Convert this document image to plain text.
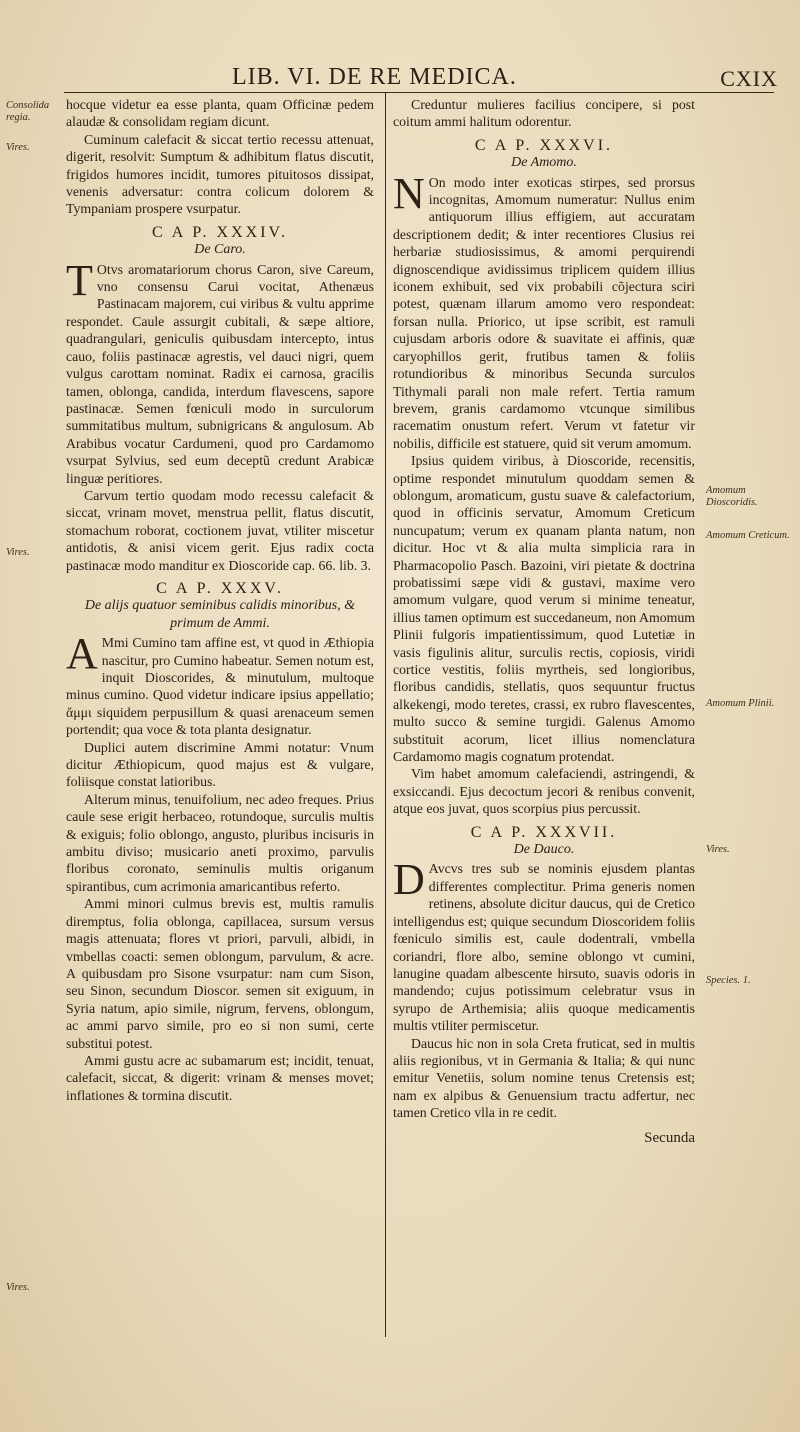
LIB. VI. DE RE MEDICA.	CXIX
Consolida regia.
Vires.
Vires.
Vires.
Amomum Dioscoridis.
Amomum Creticum.
Amomum Plinii.
Vires.
Species. 1.

hocque videtur ea esse planta, quam Officinæ pedem alaudæ & consolidam regiam dicunt.

Cuminum calefacit & siccat tertio recessu attenuat, digerit, resolvit: Sumptum & adhibitum flatus discutit, frigidos humores incidit, tumores pituitosos dissipat, venenis adversatur: contra colicum dolorem & Tympaniam prospere vsurpatur.

C A P. XXXIV.
De Caro.

T Otvs aromatariorum chorus Caron, sive Careum, vno consensu Carui vocitat, Athenæus Pastinacam majorem, cui viribus & vultu apprime respondet. Caule assurgit cubitali, & sæpe altiore, quadrangulari, geniculis quibusdam intercepto, intus cauo, foliis pastinacæ agrestis, vel dauci nigri, quem vulgus carottam nominat. Radix ei carnosa, gracilis tamen, oblonga, candida, interdum flavescens, sapore pastinacæ. Semen fœniculi modo in surculorum summitatibus multum, subnigricans & angulosum. Ab Arabibus vocatur Cardumeni, quod pro Cardamomo vsurpat Sylvius, sed eum deceptũ credunt Arabicæ linguæ peritiores.

Carvum tertio quodam modo recessu calefacit & siccat, vrinam movet, menstrua pellit, flatus discutit, stomachum roborat, coctionem juvat, vtiliter miscetur antidotis, & anisi vicem gerit. Ejus radix cocta pastinacæ modo manditur ex Dioscoride cap. 66. lib. 3.

C A P. XXXV.
De alijs quatuor seminibus calidis minoribus, & primum de Ammi.

A Mmi Cumino tam affine est, vt quod in Æthiopia nascitur, pro Cumino habeatur. Semen notum est, inquit Dioscorides, & minutulum, multoque minus cumino. Quod videtur indicare ipsius appellatio; ἄμμι siquidem perpusillum & quasi arenaceum semen portendit; qua voce & tota planta designatur.

Duplici autem discrimine Ammi notatur: Vnum dicitur Æthiopicum, quod majus est & vulgare, foliisque constat latioribus.

Alterum minus, tenuifolium, nec adeo freques. Prius caule sese erigit herbaceo, rotundoque, surculis multis & exiguis; folio oblongo, angusto, pluribus incisuris in ambitu diviso; musicario aneti proximo, parvulis floribus coronato, seminulis multis origanum spirantibus, cum acrimonia amaricantibus referto.

Ammi minori culmus brevis est, multis ramulis diremptus, folia oblonga, capillacea, sursum versus magis attenuata; flores vt priori, parvuli, albidi, in vmbellas coacti: semen oblongum, parvulum, & acre. A quibusdam pro Sisone vsurpatur: nam cum Sison, seu Sinon, secundum Dioscor. semen sit exiguum, in Syria natum, apio simile, nigrum, fervens, oblongum, ac ammi parvo simile, pro eo si non sumi, certe substitui potest.

Ammi gustu acre ac subamarum est; incidit, tenuat, calefacit, siccat, & digerit: vrinam & menses movet; inflationes & tormina discutit.

Creduntur mulieres facilius concipere, si post coitum ammi halitum odorentur.

C A P. XXXVI.
De Amomo.

N On modo inter exoticas stirpes, sed prorsus incognitas, Amomum numeratur: Nullus enim antiquorum illius effigiem, aut accuratam descriptionem dedit; & inter recentiores Clusius rei herbariæ studiosissimus, & amomi perquirendi dignoscendique avidissimus triplicem quidem illius iconem exhibuit, sed vix probabili cõjectura sciri potest, quænam illarum amomo vero respondeat: forsan nulla. Priorico, ut ipse scribit, est ramuli cujusdam arboris odore & suavitate ei affinis, quæ caryophillos gerit, frutibus tamen & foliis rotundioribus & minoribus Secunda surculos Tithymali parali non male refert. Tertia ramum brevem, granis cardamomo vtcunque similibus racematim onustum refert. Verum vt fatetur vir nobilis, difficile est statuere, quid sit verum amomum.

Ipsius quidem viribus, à Dioscoride, recensitis, optime respondet minutulum quoddam semen & oblongum, aromaticum, gustu suave & calefactorium, quod in officinis servatur, Amomum Creticum nuncupatum; verum ex quanam planta natum, non dicitur. Hoc vt & alia multa simplicia rara in Pharmacopolio Pasch. Bazoini, viri pietate & doctrina probatissimi sæpe vidi & gustavi, maxime vero amomum vulgare, quod verum si minime teneatur, illius tamen optimum est succedaneum, non Amomum Plinii fulgoris impatientissimum, quod Lutetiæ in vasis figulinis alitur, surculis rectis, copiosis, viridi cortice vestitis, foliis myrtheis, sed longioribus, floribus candidis, stellatis, quos sequuntur fructus alkekengi, modo teretes, crassi, ex rubro flavescentes, multo succo & semine turgidi. Galenus Amomo substituit acorum, licet illius nomenclatura Cardamomo magis cognatum protendat.

Vim habet amomum calefaciendi, astringendi, & exsiccandi. Ejus decoctum jecori & renibus convenit, atque eos juvat, quos scorpius pius percussit.

C A P. XXXVII.
De Dauco.

D Avcvs tres sub se nominis ejusdem plantas differentes complectitur. Prima generis nomen retinens, absolute dicitur daucus, qui de Cretico intelligendus est; quique secundum Dioscoridem foliis fœniculo similis est, caule dodentrali, vmbella coriandri, flore albo, semine oblongo vt cumini, lanugine quadam albescente hirsuto, suavis odoris in mandendo; cujus potissimum celebratur vsus in syrupo de Arthemisia; aliis quoque medicamentis multis vtiliter permiscetur.

Daucus hic non in sola Creta fruticat, sed in multis aliis regionibus, vt in Germania & Italia; & qui nunc emitur Venetiis, solum nomine tenus Cretensis est; nam ex alpibus & Genuensium tractu adfertur, nec tamen Cretico vlla in re cedit.

Secunda
